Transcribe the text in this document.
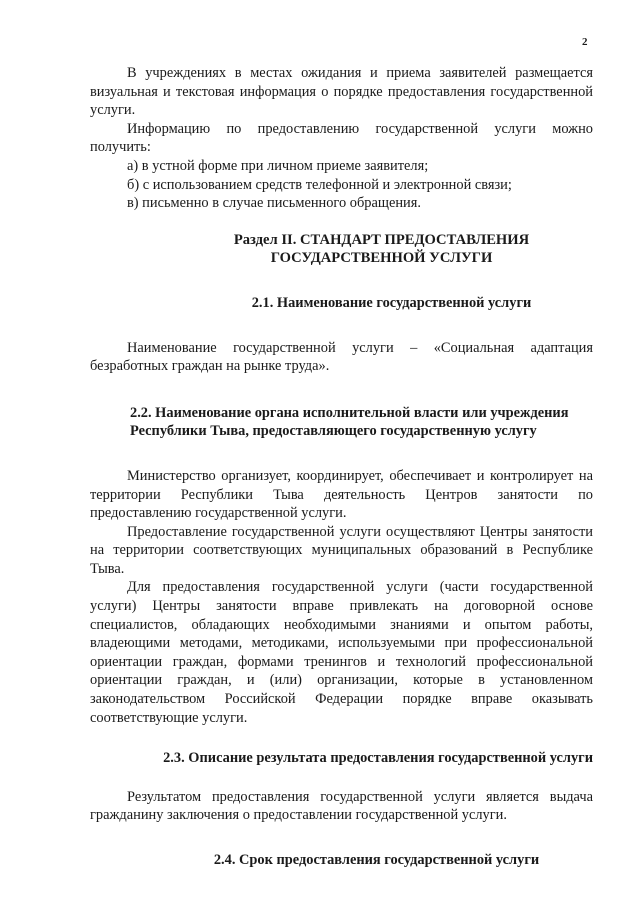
2

В учреждениях в местах ожидания и приема заявителей размещается визуальная и текстовая информация о порядке предоставления государственной услуги.

Информацию по предоставлению государственной услуги можно получить:

а) в устной форме при личном приеме заявителя;

б) с использованием средств телефонной и электронной связи;

в) письменно в случае письменного обращения.

Раздел II. СТАНДАРТ ПРЕДОСТАВЛЕНИЯ
ГОСУДАРСТВЕННОЙ УСЛУГИ
2.1. Наименование государственной услуги

Наименование государственной услуги – «Социальная адаптация безработных граждан на рынке труда».

2.2. Наименование органа исполнительной власти или учреждения
Республики Тыва, предоставляющего государственную услугу

Министерство организует, координирует, обеспечивает и контролирует на территории Республики Тыва деятельность Центров занятости по предоставлению государственной услуги.

Предоставление государственной услуги осуществляют Центры занятости на территории соответствующих муниципальных образований в Республике Тыва.

Для предоставления государственной услуги (части государственной услуги) Центры занятости вправе привлекать на договорной основе специалистов, обладающих необходимыми знаниями и опытом работы, владеющими методами, методиками, используемыми при профессиональной ориентации граждан, формами тренингов и технологий профессиональной ориентации граждан, и (или) организации, которые в установленном законодательством Российской Федерации порядке вправе оказывать соответствующие услуги.

2.3. Описание результата предоставления государственной услуги

Результатом предоставления государственной услуги является выдача гражданину заключения о предоставлении государственной услуги.

2.4. Срок предоставления государственной услуги
